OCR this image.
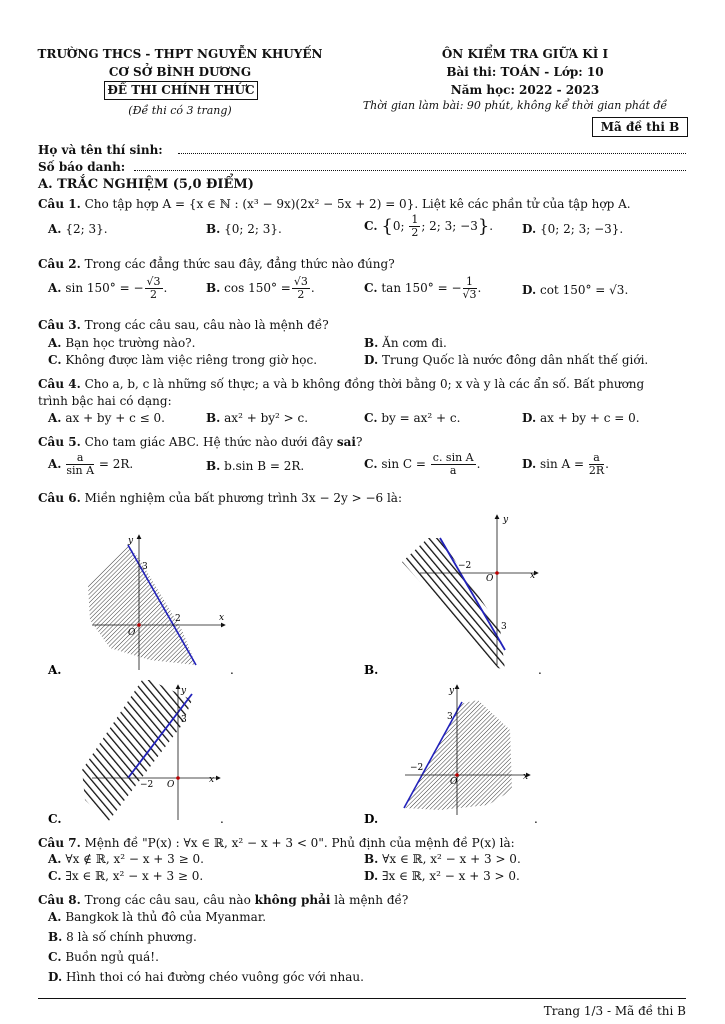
TRƯỜNG THCS - THPT NGUYỄN KHUYẾN
CƠ SỞ BÌNH DƯƠNG
ĐỀ THI CHÍNH THỨC
(Đề thi có 3 trang)
ÔN KIỂM TRA GIỮA KÌ I
Bài thi: TOÁN - Lớp: 10
Năm học: 2022 - 2023
Thời gian làm bài: 90 phút, không kể thời gian phát đề
Mã đề thi B
Họ và tên thí sinh:
Số báo danh:
A. TRẮC NGHIỆM (5,0 ĐIỂM)
Câu 1. Cho tập hợp A = {x ∈ ℕ : (x³ − 9x)(2x² − 5x + 2) = 0}. Liệt kê các phần tử của tập hợp A.
A. {2; 3}.	B. {0; 2; 3}.	C. {0; $\frac{1}{2}$ ; 2; 3; −3}. D. {0; 2; 3; −3}.
Câu 2. Trong các đẳng thức sau đây, đẳng thức nào đúng?
A. sin 150° = − $\frac{√3}{2}$ .	B. $\cos 150^\circ = \frac{√3}{2}$ .	C. tan 150° = − $\frac{1}{√3}$ .	D. cot 150° = √3.
Câu 3. Trong các câu sau, câu nào là mệnh đề?
A. Bạn học trường nào?.	B. Ăn cơm đi.
C. Không được làm việc riêng trong giờ học.	D. Trung Quốc là nước đông dân nhất thế giới.
Câu 4. Cho a, b, c là những số thực; a và b không đồng thời bằng 0; x và y là các ẩn số. Bất phương
trình bậc hai có dạng:
A. ax + by + c ≤ 0.	B. ax² + by² > c.	C. by = ax² + c.	D. ax + by + c = 0.
Câu 5. Cho tam giác ABC. Hệ thức nào dưới đây sai?
A. $\frac{a}{\text{sin A}} = 2R$.	B. b.sin B = 2R.	C. $\sin C = \frac{\text{c. sin A}}{a}$ .	D. $\sin A = \frac{a}{2R}$ .
Câu 6. Miền nghiệm của bất phương trình 3x − 2y > −6 là:
x
y
O
3
2
A.	.
x
y
O
−2
3
B.	.
x
y
O
−2
3
C.	.
x
y
O
−2
3
D.	.
Câu 7. Mệnh đề "P(x) : ∀x ∈ ℝ, x² − x + 3 < 0". Phủ định của mệnh đề P(x) là:
A. ∀x ∉ ℝ, x² − x + 3 ≥ 0.	B. ∀x ∈ ℝ, x² − x + 3 > 0.
C. ∃x ∈ ℝ, x² − x + 3 ≥ 0.	D. ∃x ∈ ℝ, x² − x + 3 > 0.
Câu 8. Trong các câu sau, câu nào không phải là mệnh đề?
A. Bangkok là thủ đô của Myanmar.
B. 8 là số chính phương.
C. Buồn ngủ quá!.
D. Hình thoi có hai đường chéo vuông góc với nhau.
Trang 1/3 - Mã đề thi B
